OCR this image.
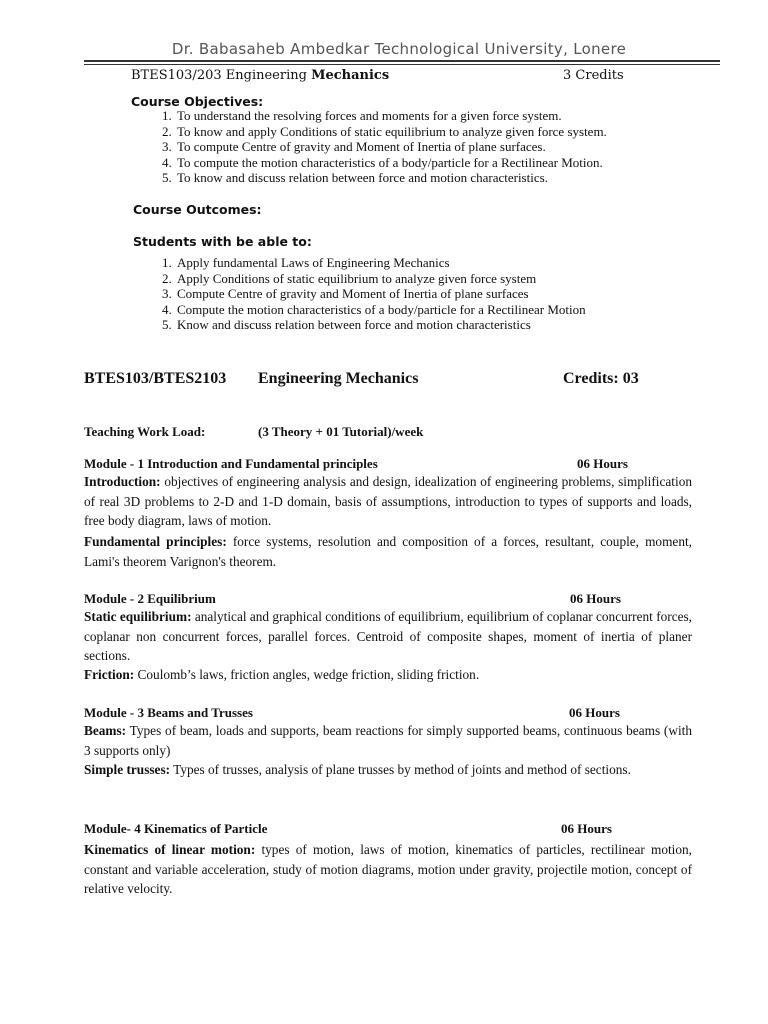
Dr. Babasaheb Ambedkar Technological University, Lonere
BTES103/203 Engineering Mechanics	3 Credits
Course Objectives:
1. To understand the resolving forces and moments for a given force system.
2. To know and apply Conditions of static equilibrium to analyze given force system.
3. To compute Centre of gravity and Moment of Inertia of plane surfaces.
4. To compute the motion characteristics of a body/particle for a Rectilinear Motion.
5. To know and discuss relation between force and motion characteristics.
Course Outcomes:
Students with be able to:
1. Apply fundamental Laws of Engineering Mechanics
2. Apply Conditions of static equilibrium to analyze given force system
3. Compute Centre of gravity and Moment of Inertia of plane surfaces
4. Compute the motion characteristics of a body/particle for a Rectilinear Motion
5. Know and discuss relation between force and motion characteristics
BTES103/BTES2103 Engineering Mechanics	Credits: 03
Teaching Work Load:	(3 Theory + 01 Tutorial)/week
Module - 1 Introduction and Fundamental principles	06 Hours
Introduction: objectives of engineering analysis and design, idealization of engineering problems, simplification of real 3D problems to 2-D and 1-D domain, basis of assumptions, introduction to types of supports and loads, free body diagram, laws of motion.
Fundamental principles: force systems, resolution and composition of a forces, resultant, couple, moment, Lami's theorem Varignon's theorem.
Module - 2 Equilibrium	06 Hours
Static equilibrium: analytical and graphical conditions of equilibrium, equilibrium of coplanar concurrent forces, coplanar non concurrent forces, parallel forces. Centroid of composite shapes, moment of inertia of planer sections.
Friction: Coulomb’s laws, friction angles, wedge friction, sliding friction.
Module - 3 Beams and Trusses	06 Hours
Beams: Types of beam, loads and supports, beam reactions for simply supported beams, continuous beams (with 3 supports only)
Simple trusses: Types of trusses, analysis of plane trusses by method of joints and method of sections.
Module- 4 Kinematics of Particle	06 Hours
Kinematics of linear motion: types of motion, laws of motion, kinematics of particles, rectilinear motion, constant and variable acceleration, study of motion diagrams, motion under gravity, projectile motion, concept of relative velocity.
